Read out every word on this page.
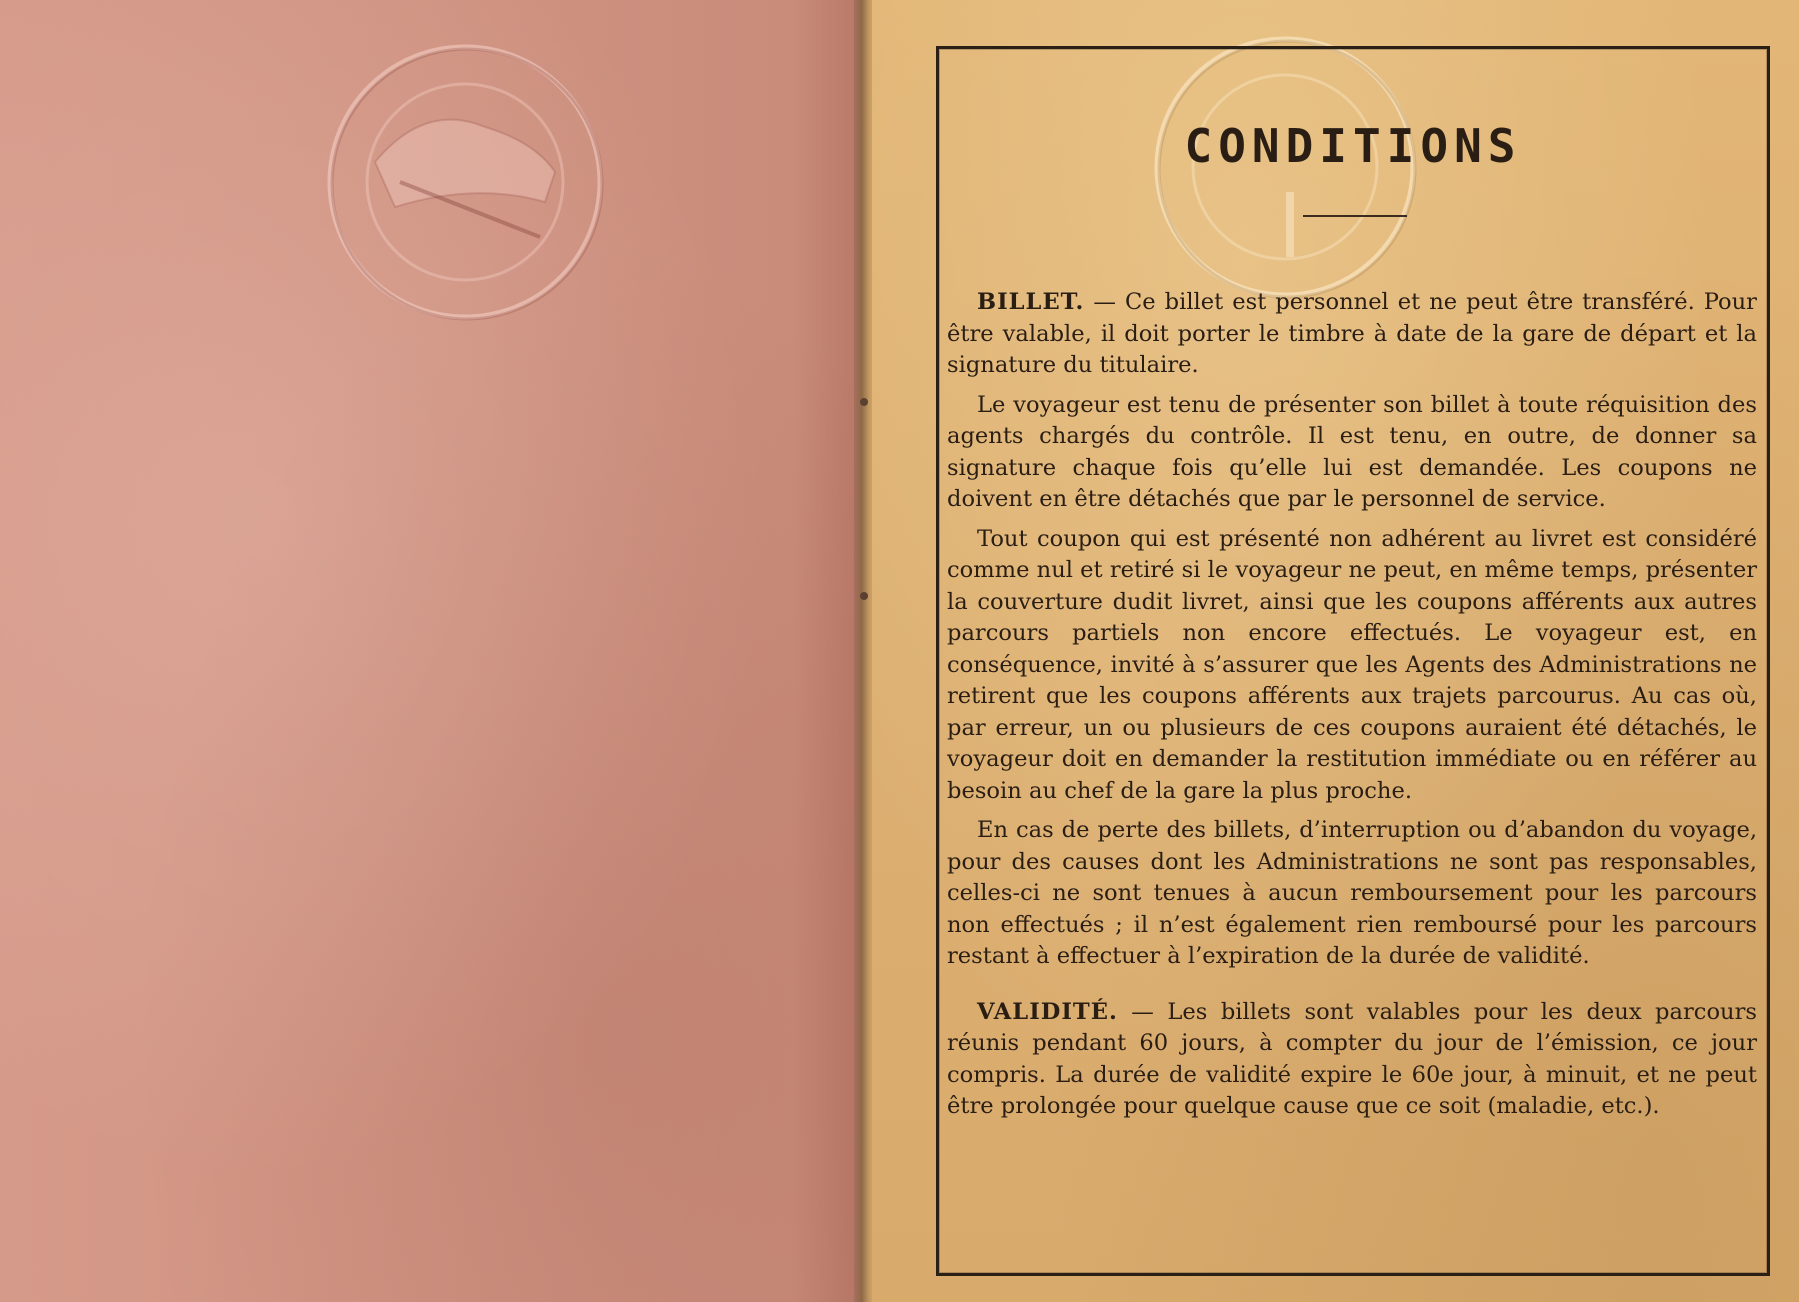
CONDITIONS

BILLET. — Ce billet est personnel et ne peut être transféré. Pour être valable, il doit porter le timbre à date de la gare de départ et la signature du titulaire.

Le voyageur est tenu de présenter son billet à toute réquisition des agents chargés du contrôle. Il est tenu, en outre, de donner sa signature chaque fois qu’elle lui est demandée. Les coupons ne doivent en être détachés que par le personnel de service.

Tout coupon qui est présenté non adhérent au livret est considéré comme nul et retiré si le voyageur ne peut, en même temps, présenter la couverture dudit livret, ainsi que les coupons afférents aux autres parcours partiels non encore effectués. Le voyageur est, en conséquence, invité à s’assurer que les Agents des Administrations ne retirent que les coupons afférents aux trajets parcourus. Au cas où, par erreur, un ou plusieurs de ces coupons auraient été détachés, le voyageur doit en demander la restitution immédiate ou en référer au besoin au chef de la gare la plus proche.

En cas de perte des billets, d’interruption ou d’abandon du voyage, pour des causes dont les Administrations ne sont pas responsables, celles-ci ne sont tenues à aucun remboursement pour les parcours non effectués ; il n’est également rien remboursé pour les parcours restant à effectuer à l’expiration de la durée de validité.

VALIDITÉ. — Les billets sont valables pour les deux parcours réunis pendant 60 jours, à compter du jour de l’émission, ce jour compris. La durée de validité expire le 60e jour, à minuit, et ne peut être prolongée pour quelque cause que ce soit (maladie, etc.).
